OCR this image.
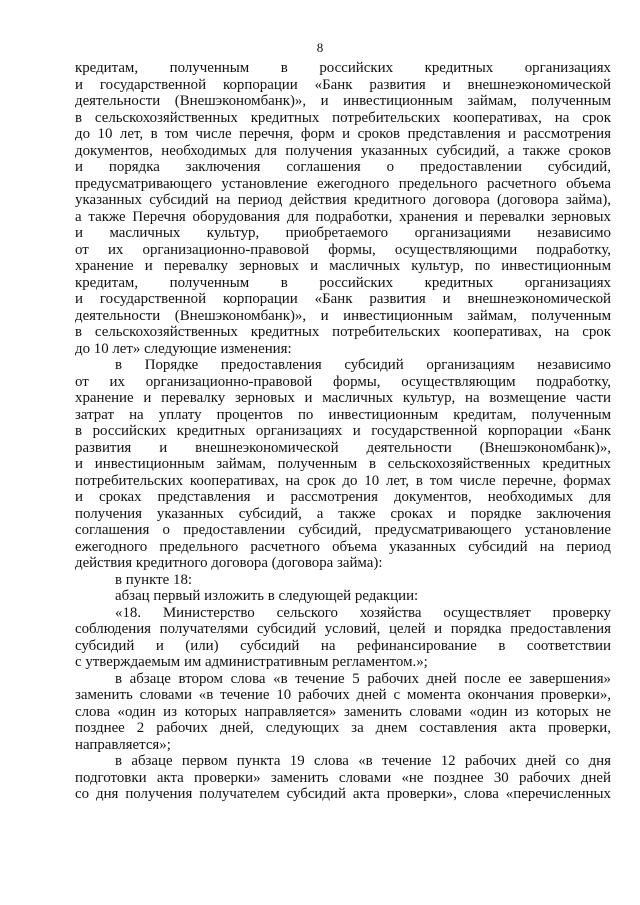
8
кредитам, полученным в российских кредитных организациях
и государственной корпорации «Банк развития и внешнеэкономической
деятельности (Внешэкономбанк)», и инвестиционным займам, полученным
в сельскохозяйственных кредитных потребительских кооперативах, на срок
до 10 лет, в том числе перечня, форм и сроков представления и рассмотрения
документов, необходимых для получения указанных субсидий, а также сроков
и порядка заключения соглашения о предоставлении субсидий,
предусматривающего установление ежегодного предельного расчетного объема
указанных субсидий на период действия кредитного договора (договора займа),
а также Перечня оборудования для подработки, хранения и перевалки зерновых
и масличных культур, приобретаемого организациями независимо
от их организационно-правовой формы, осуществляющими подработку,
хранение и перевалку зерновых и масличных культур, по инвестиционным
кредитам, полученным в российских кредитных организациях
и государственной корпорации «Банк развития и внешнеэкономической
деятельности (Внешэкономбанк)», и инвестиционным займам, полученным
в сельскохозяйственных кредитных потребительских кооперативах, на срок
до 10 лет» следующие изменения:
в Порядке предоставления субсидий организациям независимо
от их организационно-правовой формы, осуществляющим подработку,
хранение и перевалку зерновых и масличных культур, на возмещение части
затрат на уплату процентов по инвестиционным кредитам, полученным
в российских кредитных организациях и государственной корпорации «Банк
развития и внешнеэкономической деятельности (Внешэкономбанк)»,
и инвестиционным займам, полученным в сельскохозяйственных кредитных
потребительских кооперативах, на срок до 10 лет, в том числе перечне, формах
и сроках представления и рассмотрения документов, необходимых для
получения указанных субсидий, а также сроках и порядке заключения
соглашения о предоставлении субсидий, предусматривающего установление
ежегодного предельного расчетного объема указанных субсидий на период
действия кредитного договора (договора займа):
в пункте 18:
абзац первый изложить в следующей редакции:
«18. Министерство сельского хозяйства осуществляет проверку
соблюдения получателями субсидий условий, целей и порядка предоставления
субсидий и (или) субсидий на рефинансирование в соответствии
с утверждаемым им административным регламентом.»;
в абзаце втором слова «в течение 5 рабочих дней после ее завершения»
заменить словами «в течение 10 рабочих дней с момента окончания проверки»,
слова «один из которых направляется» заменить словами «один из которых не
позднее 2 рабочих дней, следующих за днем составления акта проверки,
направляется»;
в абзаце первом пункта 19 слова «в течение 12 рабочих дней со дня
подготовки акта проверки» заменить словами «не позднее 30 рабочих дней
со дня получения получателем субсидий акта проверки», слова «перечисленных
